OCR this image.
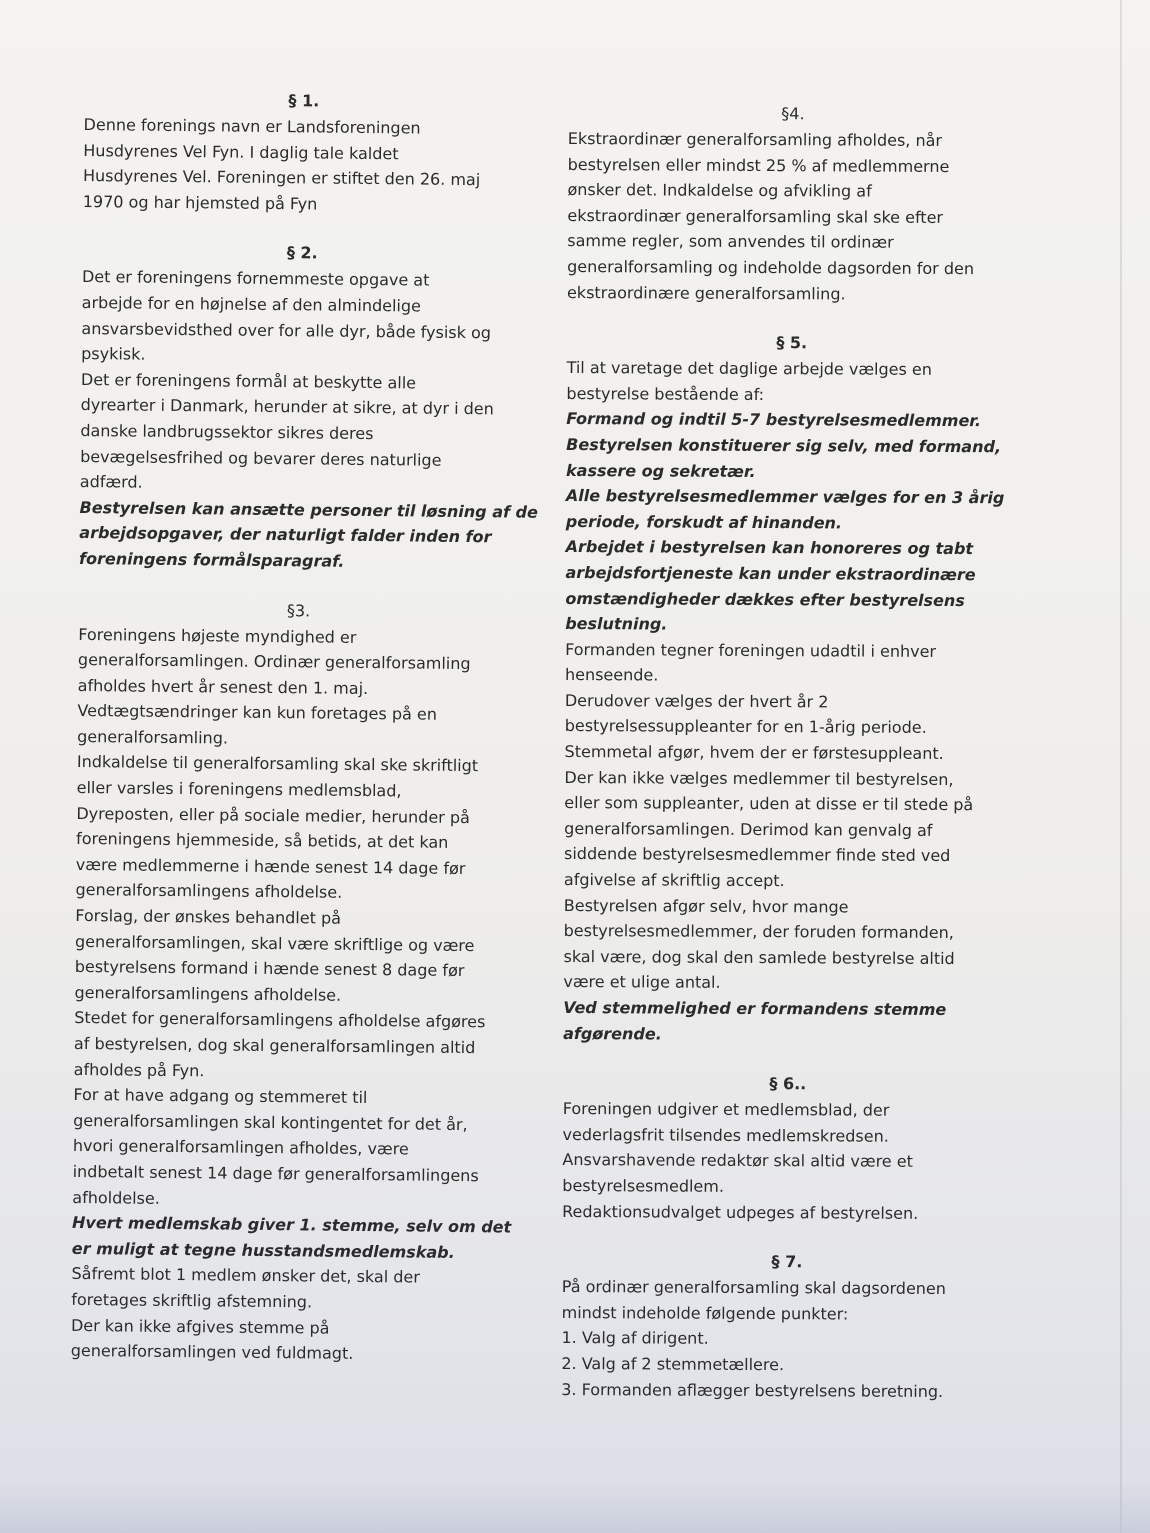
§ 1.

Denne forenings navn er Landsforeningen

Husdyrenes Vel Fyn. I daglig tale kaldet

Husdyrenes Vel. Foreningen er stiftet den 26. maj

1970 og har hjemsted på Fyn

§ 2.

Det er foreningens fornemmeste opgave at

arbejde for en højnelse af den almindelige

ansvarsbevidsthed over for alle dyr, både fysisk og

psykisk.

Det er foreningens formål at beskytte alle

dyrearter i Danmark, herunder at sikre, at dyr i den

danske landbrugssektor sikres deres

bevægelsesfrihed og bevarer deres naturlige

adfærd.

Bestyrelsen kan ansætte personer til løsning af de

arbejdsopgaver, der naturligt falder inden for

foreningens formålsparagraf.

§3.

Foreningens højeste myndighed er

generalforsamlingen. Ordinær generalforsamling

afholdes hvert år senest den 1. maj.

Vedtægtsændringer kan kun foretages på en

generalforsamling.

Indkaldelse til generalforsamling skal ske skriftligt

eller varsles i foreningens medlemsblad,

Dyreposten, eller på sociale medier, herunder på

foreningens hjemmeside, så betids, at det kan

være medlemmerne i hænde senest 14 dage før

generalforsamlingens afholdelse.

Forslag, der ønskes behandlet på

generalforsamlingen, skal være skriftlige og være

bestyrelsens formand i hænde senest 8 dage før

generalforsamlingens afholdelse.

Stedet for generalforsamlingens afholdelse afgøres

af bestyrelsen, dog skal generalforsamlingen altid

afholdes på Fyn.

For at have adgang og stemmeret til

generalforsamlingen skal kontingentet for det år,

hvori generalforsamlingen afholdes, være

indbetalt senest 14 dage før generalforsamlingens

afholdelse.

Hvert medlemskab giver 1. stemme, selv om det

er muligt at tegne husstandsmedlemskab.

Såfremt blot 1 medlem ønsker det, skal der

foretages skriftlig afstemning.

Der kan ikke afgives stemme på

generalforsamlingen ved fuldmagt.

§4.

Ekstraordinær generalforsamling afholdes, når

bestyrelsen eller mindst 25 % af medlemmerne

ønsker det. Indkaldelse og afvikling af

ekstraordinær generalforsamling skal ske efter

samme regler, som anvendes til ordinær

generalforsamling og indeholde dagsorden for den

ekstraordinære generalforsamling.

§ 5.

Til at varetage det daglige arbejde vælges en

bestyrelse bestående af:

Formand og indtil 5-7 bestyrelsesmedlemmer.

Bestyrelsen konstituerer sig selv, med formand,

kassere og sekretær.

Alle bestyrelsesmedlemmer vælges for en 3 årig

periode, forskudt af hinanden.

Arbejdet i bestyrelsen kan honoreres og tabt

arbejdsfortjeneste kan under ekstraordinære

omstændigheder dækkes efter bestyrelsens

beslutning.

Formanden tegner foreningen udadtil i enhver

henseende.

Derudover vælges der hvert år 2

bestyrelsessuppleanter for en 1-årig periode.

Stemmetal afgør, hvem der er førstesuppleant.

Der kan ikke vælges medlemmer til bestyrelsen,

eller som suppleanter, uden at disse er til stede på

generalforsamlingen. Derimod kan genvalg af

siddende bestyrelsesmedlemmer finde sted ved

afgivelse af skriftlig accept.

Bestyrelsen afgør selv, hvor mange

bestyrelsesmedlemmer, der foruden formanden,

skal være, dog skal den samlede bestyrelse altid

være et ulige antal.

Ved stemmelighed er formandens stemme

afgørende.

§ 6..

Foreningen udgiver et medlemsblad, der

vederlagsfrit tilsendes medlemskredsen.

Ansvarshavende redaktør skal altid være et

bestyrelsesmedlem.

Redaktionsudvalget udpeges af bestyrelsen.

§ 7.

På ordinær generalforsamling skal dagsordenen

mindst indeholde følgende punkter:

1. Valg af dirigent.

2. Valg af 2 stemmetællere.

3. Formanden aflægger bestyrelsens beretning.
